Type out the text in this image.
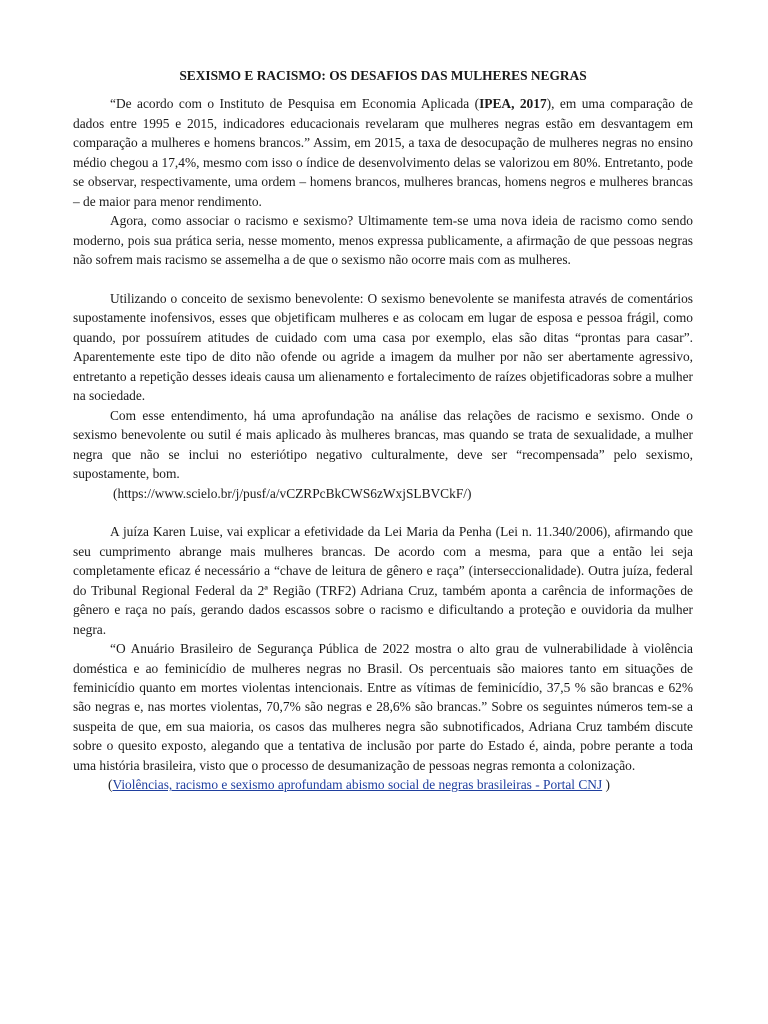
SEXISMO E RACISMO: OS DESAFIOS DAS MULHERES NEGRAS

“De acordo com o Instituto de Pesquisa em Economia Aplicada (IPEA, 2017), em uma comparação de dados entre 1995 e 2015, indicadores educacionais revelaram que mulheres negras estão em desvantagem em comparação a mulheres e homens brancos.” Assim, em 2015, a taxa de desocupação de mulheres negras no ensino médio chegou a 17,4%, mesmo com isso o índice de desenvolvimento delas se valorizou em 80%. Entretanto, pode se observar, respectivamente, uma ordem – homens brancos, mulheres brancas, homens negros e mulheres brancas – de maior para menor rendimento.

Agora, como associar o racismo e sexismo? Ultimamente tem-se uma nova ideia de racismo como sendo moderno, pois sua prática seria, nesse momento, menos expressa publicamente, a afirmação de que pessoas negras não sofrem mais racismo se assemelha a de que o sexismo não ocorre mais com as mulheres.

Utilizando o conceito de sexismo benevolente: O sexismo benevolente se manifesta através de comentários supostamente inofensivos, esses que objetificam mulheres e as colocam em lugar de esposa e pessoa frágil, como quando, por possuírem atitudes de cuidado com uma casa por exemplo, elas são ditas “prontas para casar”. Aparentemente este tipo de dito não ofende ou agride a imagem da mulher por não ser abertamente agressivo, entretanto a repetição desses ideais causa um alienamento e fortalecimento de raízes objetificadoras sobre a mulher na sociedade.

Com esse entendimento, há uma aprofundação na análise das relações de racismo e sexismo. Onde o sexismo benevolente ou sutil é mais aplicado às mulheres brancas, mas quando se trata de sexualidade, a mulher negra que não se inclui no esteriótipo negativo culturalmente, deve ser “recompensada” pelo sexismo, supostamente, bom.

(https://www.scielo.br/j/pusf/a/vCZRPcBkCWS6zWxjSLBVCkF/)

A juíza Karen Luise, vai explicar a efetividade da Lei Maria da Penha (Lei n. 11.340/2006), afirmando que seu cumprimento abrange mais mulheres brancas. De acordo com a mesma, para que a então lei seja completamente eficaz é necessário a “chave de leitura de gênero e raça” (interseccionalidade). Outra juíza, federal do Tribunal Regional Federal da 2ª Região (TRF2) Adriana Cruz, também aponta a carência de informações de gênero e raça no país, gerando dados escassos sobre o racismo e dificultando a proteção e ouvidoria da mulher negra.

“O Anuário Brasileiro de Segurança Pública de 2022 mostra o alto grau de vulnerabilidade à violência doméstica e ao feminicídio de mulheres negras no Brasil. Os percentuais são maiores tanto em situações de feminicídio quanto em mortes violentas intencionais. Entre as vítimas de feminicídio, 37,5 % são brancas e 62% são negras e, nas mortes violentas, 70,7% são negras e 28,6% são brancas.” Sobre os seguintes números tem-se a suspeita de que, em sua maioria, os casos das mulheres negra são subnotificados, Adriana Cruz também discute sobre o quesito exposto, alegando que a tentativa de inclusão por parte do Estado é, ainda, pobre perante a toda uma história brasileira, visto que o processo de desumanização de pessoas negras remonta a colonização.

(Violências, racismo e sexismo aprofundam abismo social de negras brasileiras - Portal CNJ )
